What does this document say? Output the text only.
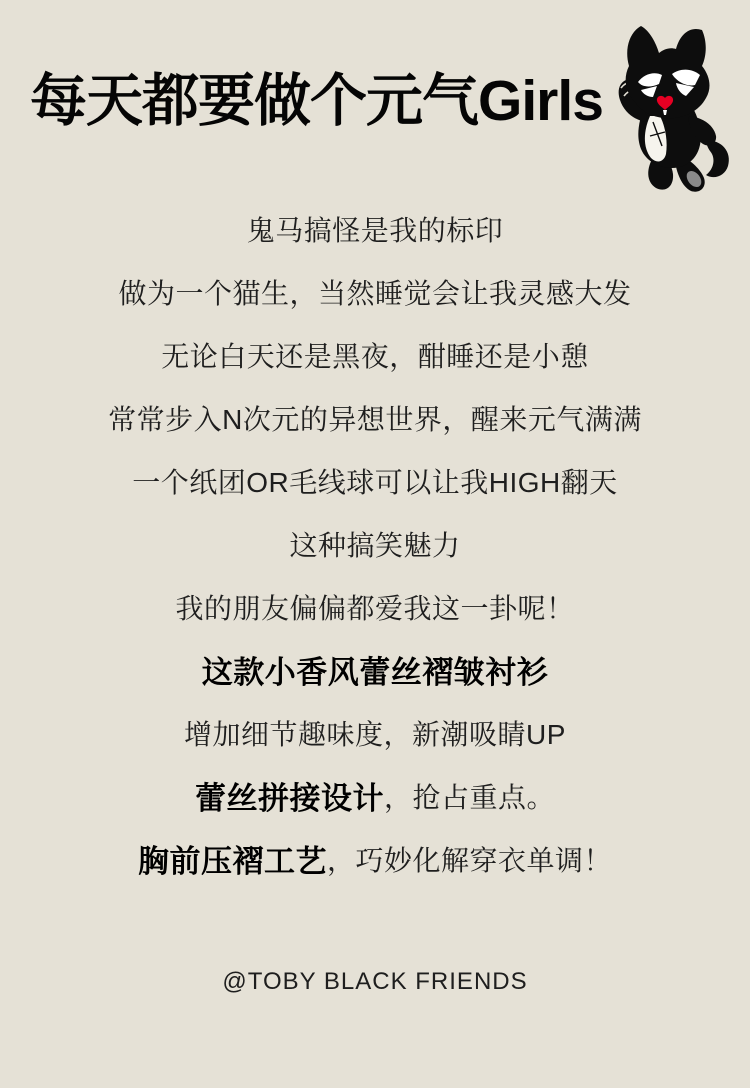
每天都要做个元气Girls
鬼马搞怪是我的标印
做为一个猫生，当然睡觉会让我灵感大发
无论白天还是黑夜，酣睡还是小憩
常常步入N次元的异想世界，醒来元气满满
一个纸团OR毛线球可以让我HIGH翻天
这种搞笑魅力
我的朋友偏偏都爱我这一卦呢！
这款小香风蕾丝褶皱衬衫
增加细节趣味度，新潮吸睛UP
蕾丝拼接设计 ，抢占重点。
胸前压褶工艺 ，巧妙化解穿衣单调！
@TOBY BLACK FRIENDS
